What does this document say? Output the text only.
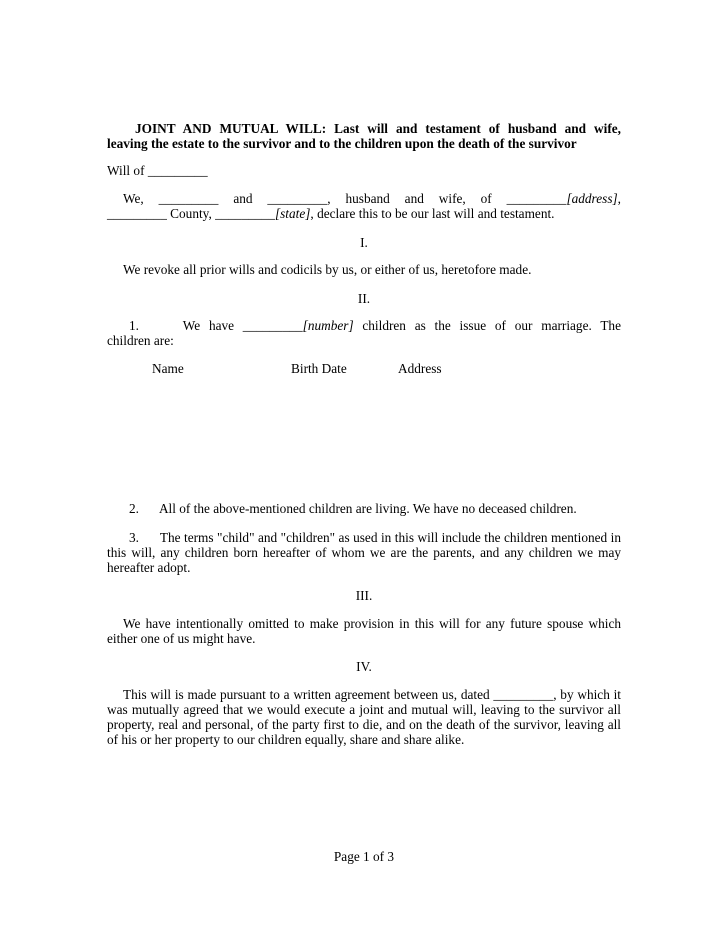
JOINT AND MUTUAL WILL: Last will and testament of husband and wife,
leaving the estate to the survivor and to the children upon the death of the survivor

Will of _________

We, _________ and _________, husband and wife, of _________[address],
_________ County, _________[state], declare this to be our last will and testament.

I.

We revoke all prior wills and codicils by us, or either of us, heretofore made.

II.

1.	We have _________[number] children as the issue of our marriage. The
children are:
Name	Birth Date	Address

2. All of the above-mentioned children are living. We have no deceased children.

3. The terms "child" and "children" as used in this will include the children mentioned in this will, any children born hereafter of whom we are the parents, and any children we may hereafter adopt.

III.

We have intentionally omitted to make provision in this will for any future spouse which either one of us might have.

IV.

This will is made pursuant to a written agreement between us, dated _________, by which it was mutually agreed that we would execute a joint and mutual will, leaving to the survivor all property, real and personal, of the party first to die, and on the death of the survivor, leaving all of his or her property to our children equally, share and share alike.

Page 1 of 3
